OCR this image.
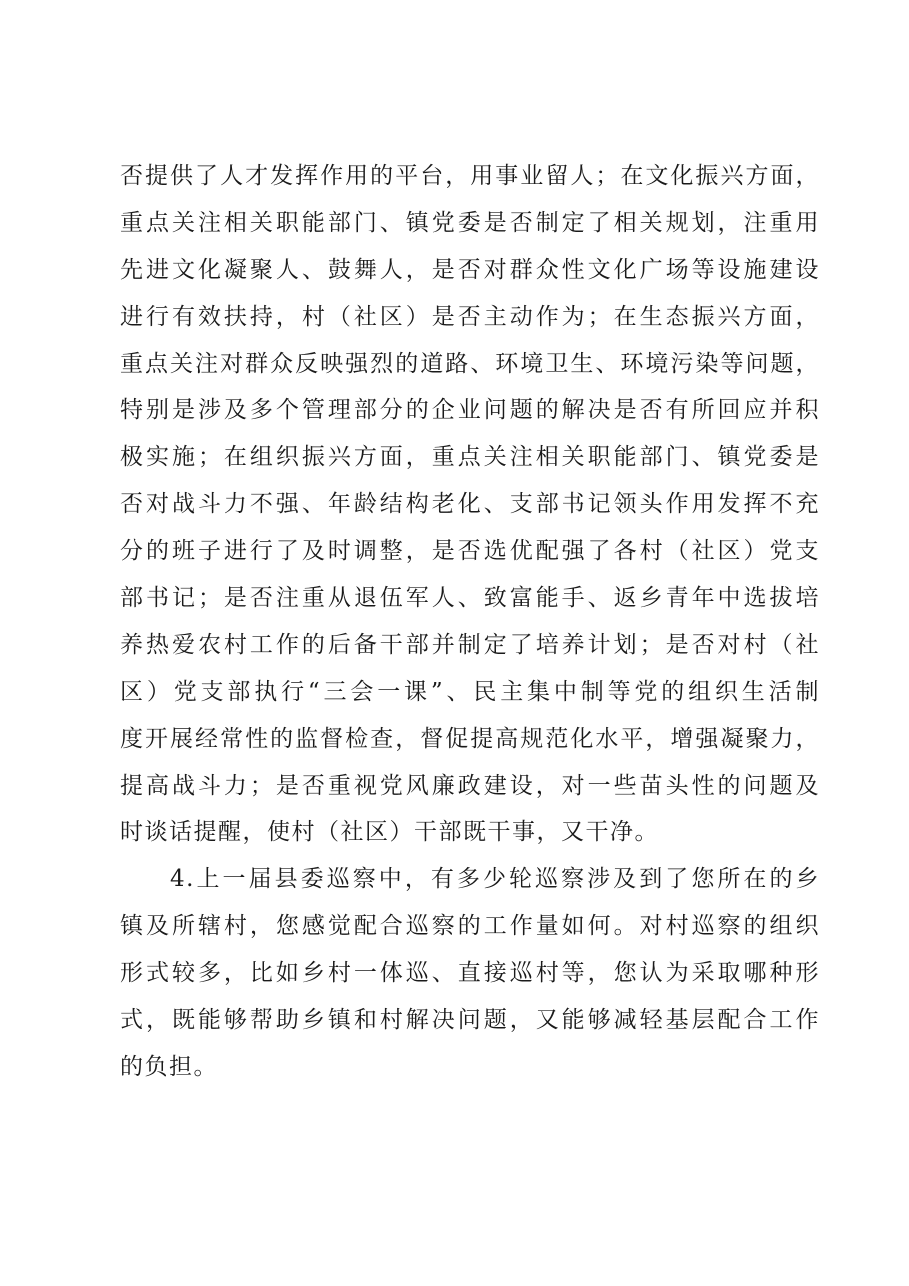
否提供了人才发挥作用的平台，用事业留人；在文化振兴方面，
重点关注相关职能部门、镇党委是否制定了相关规划，注重用
先进文化凝聚人、鼓舞人，是否对群众性文化广场等设施建设
进行有效扶持，村（社区）是否主动作为；在生态振兴方面，
重点关注对群众反映强烈的道路、环境卫生、环境污染等问题，
特别是涉及多个管理部分的企业问题的解决是否有所回应并积
极实施；在组织振兴方面，重点关注相关职能部门、镇党委是
否对战斗力不强、年龄结构老化、支部书记领头作用发挥不充
分的班子进行了及时调整，是否选优配强了各村（社区）党支
部书记；是否注重从退伍军人、致富能手、返乡青年中选拔培
养热爱农村工作的后备干部并制定了培养计划；是否对村（社
区）党支部执行“三会一课”、民主集中制等党的组织生活制
度开展经常性的监督检查，督促提高规范化水平，增强凝聚力，
提高战斗力；是否重视党风廉政建设，对一些苗头性的问题及
时谈话提醒，使村（社区）干部既干事，又干净。
4.上一届县委巡察中，有多少轮巡察涉及到了您所在的乡
镇及所辖村，您感觉配合巡察的工作量如何。对村巡察的组织
形式较多，比如乡村一体巡、直接巡村等，您认为采取哪种形
式，既能够帮助乡镇和村解决问题，又能够减轻基层配合工作
的负担。
